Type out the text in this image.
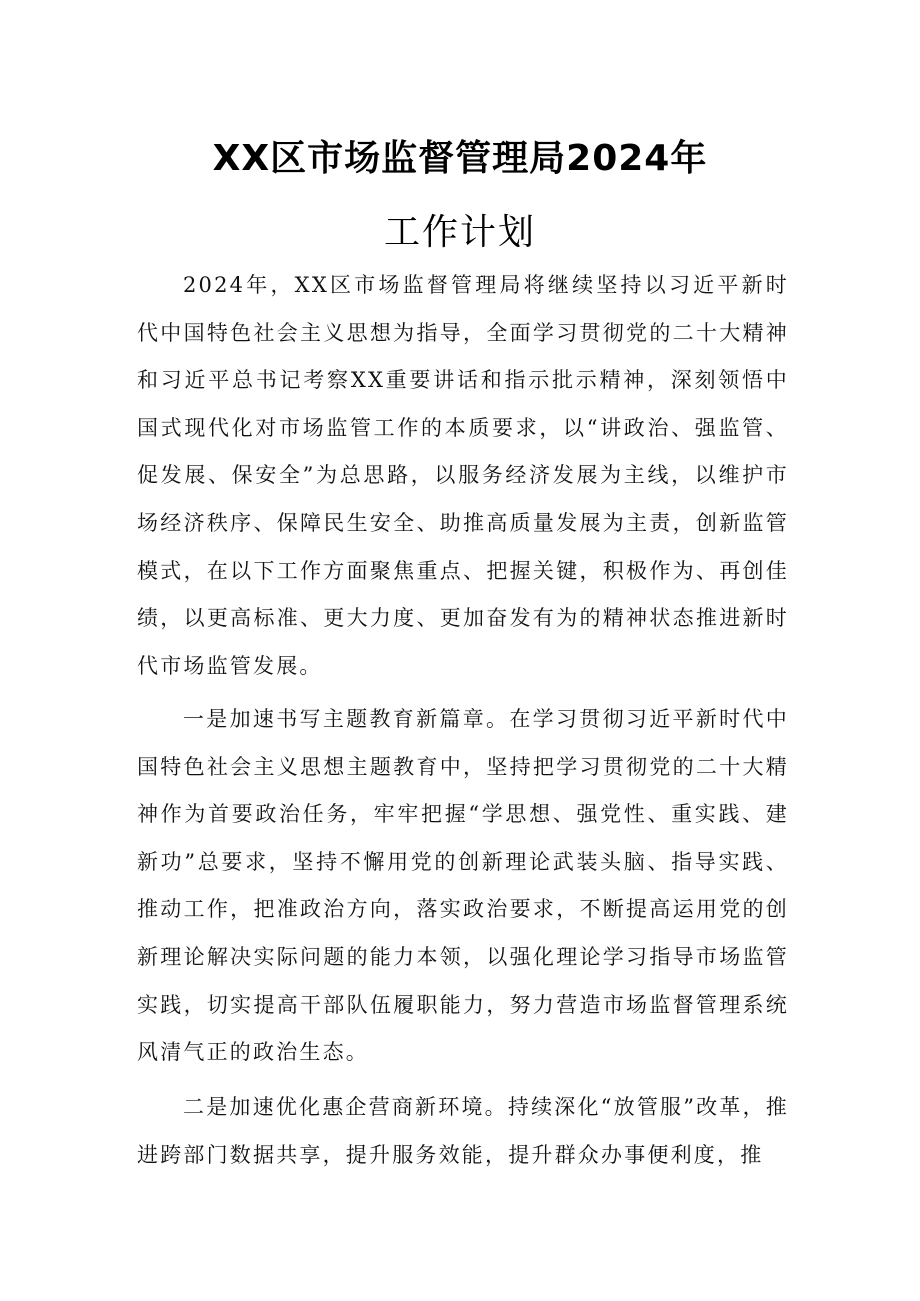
XX区市场监督管理局2024年
工作计划

2024年，XX区市场监督管理局将继续坚持以习近平新时代中国特色社会主义思想为指导，全面学习贯彻党的二十大精神和习近平总书记考察XX重要讲话和指示批示精神，深刻领悟中国式现代化对市场监管工作的本质要求，以“讲政治、强监管、促发展、保安全”为总思路，以服务经济发展为主线，以维护市场经济秩序、保障民生安全、助推高质量发展为主责，创新监管模式，在以下工作方面聚焦重点、把握关键，积极作为、再创佳绩，以更高标准、更大力度、更加奋发有为的精神状态推进新时代市场监管发展。

一是加速书写主题教育新篇章。在学习贯彻习近平新时代中国特色社会主义思想主题教育中，坚持把学习贯彻党的二十大精神作为首要政治任务，牢牢把握“学思想、强党性、重实践、建新功”总要求，坚持不懈用党的创新理论武装头脑、指导实践、推动工作，把准政治方向，落实政治要求，不断提高运用党的创新理论解决实际问题的能力本领，以强化理论学习指导市场监管实践，切实提高干部队伍履职能力，努力营造市场监督管理系统风清气正的政治生态。

二是加速优化惠企营商新环境。持续深化“放管服”改革，推进跨部门数据共享，提升服务效能，提升群众办事便利度，推
